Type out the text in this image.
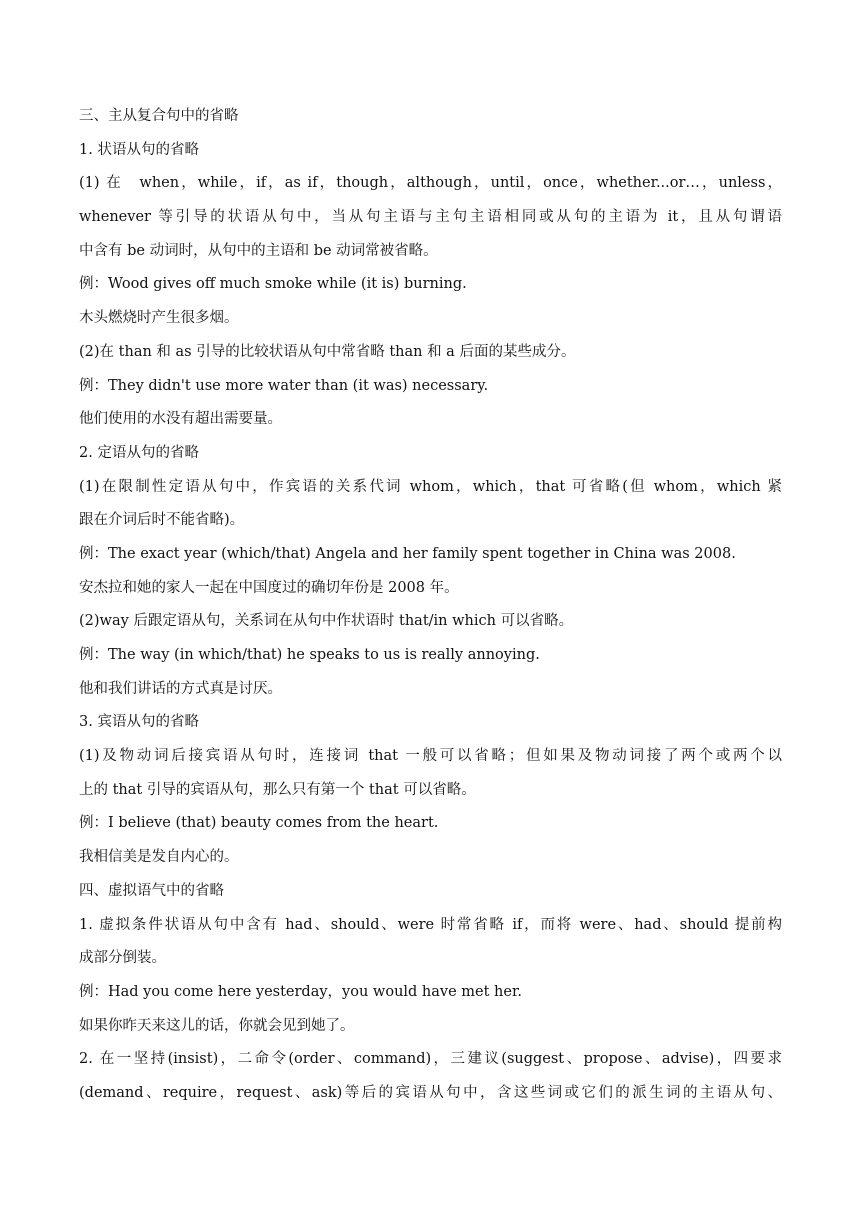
三、主从复合句中的省略
1. 状语从句的省略
(1) 在　when，while，if，as if，though，although，until，once，whether...or…，unless，
whenever 等引导的状语从句中，当从句主语与主句主语相同或从句的主语为 it，且从句谓语
中含有 be 动词时，从句中的主语和 be 动词常被省略。
例：Wood gives off much smoke while (it is) burning.
木头燃烧时产生很多烟。
(2)在 than 和 as 引导的比较状语从句中常省略 than 和 a 后面的某些成分。
例：They didn't use more water than (it was) necessary.
他们使用的水没有超出需要量。
2. 定语从句的省略
(1)在限制性定语从句中，作宾语的关系代词 whom，which，that 可省略(但 whom，which 紧
跟在介词后时不能省略)。
例：The exact year (which/that) Angela and her family spent together in China was 2008.
安杰拉和她的家人一起在中国度过的确切年份是 2008 年。
(2)way 后跟定语从句，关系词在从句中作状语时 that/in which 可以省略。
例：The way (in which/that) he speaks to us is really annoying.
他和我们讲话的方式真是讨厌。
3. 宾语从句的省略
(1)及物动词后接宾语从句时，连接词 that 一般可以省略；但如果及物动词接了两个或两个以
上的 that 引导的宾语从句，那么只有第一个 that 可以省略。
例：I believe (that) beauty comes from the heart.
我相信美是发自内心的。
四、虚拟语气中的省略
1. 虚拟条件状语从句中含有 had、should、were 时常省略 if，而将 were、had、should 提前构
成部分倒装。
例：Had you come here yesterday，you would have met her.
如果你昨天来这儿的话，你就会见到她了。
2. 在一坚持(insist)，二命令(order、command)，三建议(suggest、propose、advise)，四要求
(demand、require，request、ask)等后的宾语从句中，含这些词或它们的派生词的主语从句、
